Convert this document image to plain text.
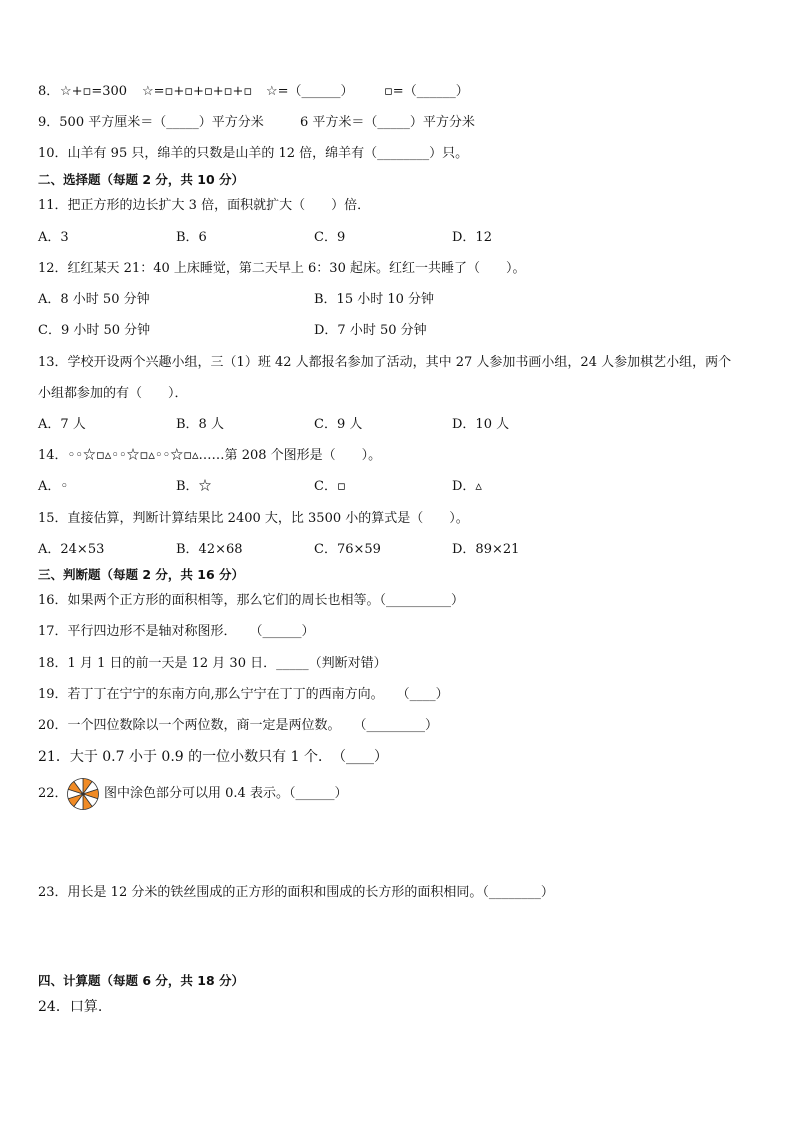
8． ☆+▫=300 ☆=▫+▫+▫+▫+▫ ☆=（______） ▫=（______）
9．500 平方厘米＝（_____）平方分米	6 平方米＝（_____）平方分米
10．山羊有 95 只，绵羊的只数是山羊的 12 倍，绵羊有（________）只。
二、选择题（每题 2 分，共 10 分）
11．把正方形的边长扩大 3 倍，面积就扩大（　　）倍．
A．3	B．6	C．9	D．12
12．红红某天 21：40 上床睡觉，第二天早上 6：30 起床。红红一共睡了（　　）。
A．8 小时 50 分钟	B．15 小时 10 分钟
C．9 小时 50 分钟	D．7 小时 50 分钟
13．学校开设两个兴趣小组，三（1）班 42 人都报名参加了活动，其中 27 人参加书画小组，24 人参加棋艺小组，两个
小组都参加的有（　　）．
A．7 人	B．8 人	C．9 人	D．10 人
14．◦◦☆▫▵◦◦☆▫▵◦◦☆▫▵……第 208 个图形是（　　）。
A．◦	B．☆	C．▫	D．▵
15．直接估算，判断计算结果比 2400 大，比 3500 小的算式是（　　）。
A．24×53	B．42×68	C．76×59	D．89×21
三、判断题（每题 2 分，共 16 分）
16．如果两个正方形的面积相等，那么它们的周长也相等。（__________）
17．平行四边形不是轴对称图形．　　（______）
18．1 月 1 日的前一天是 12 月 30 日．_____（判断对错）
19．若丁丁在宁宁的东南方向,那么宁宁在丁丁的西南方向。　　（____）
20．一个四位数除以一个两位数，商一定是两位数。　　（_________）
21．大于 0.7 小于 0.9 的一位小数只有 1 个．　（____）
22．	图中涂色部分可以用 0.4 表示。（______）
23．用长是 12 分米的铁丝围成的正方形的面积和围成的长方形的面积相同。（________）
四、计算题（每题 6 分，共 18 分）
24．口算.
